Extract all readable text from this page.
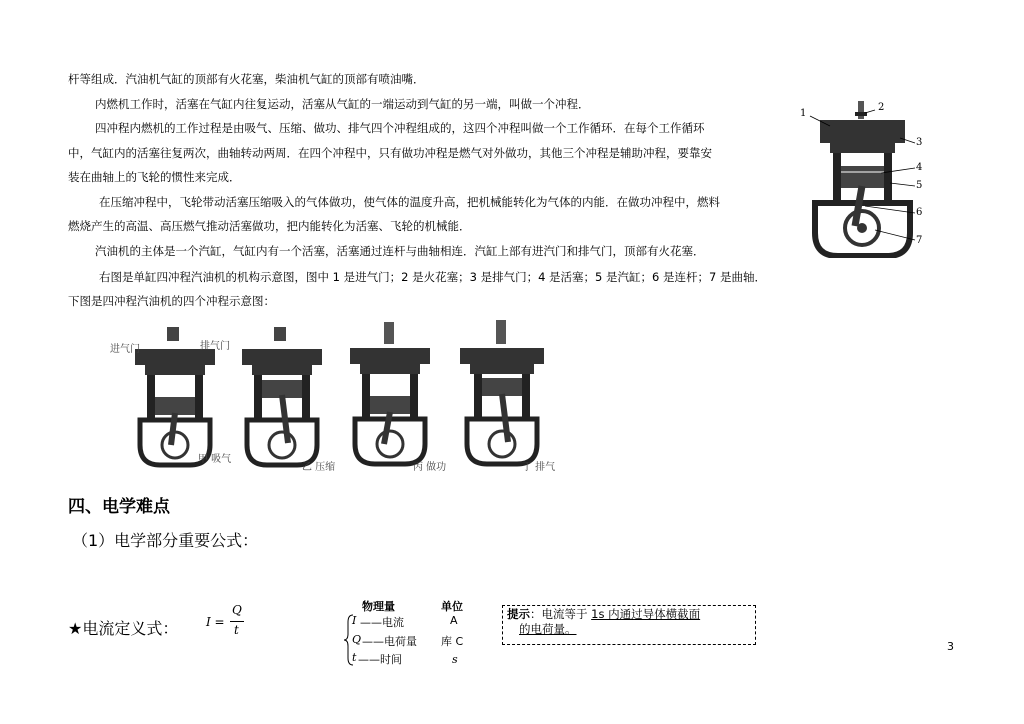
杆等组成．汽油机气缸的顶部有火花塞，柴油机气缸的顶部有喷油嘴．
内燃机工作时，活塞在气缸内往复运动，活塞从气缸的一端运动到气缸的另一端，叫做一个冲程．
四冲程内燃机的工作过程是由吸气、压缩、做功、排气四个冲程组成的，这四个冲程叫做一个工作循环．在每个工作循环
中，气缸内的活塞往复两次，曲轴转动两周．在四个冲程中，只有做功冲程是燃气对外做功，其他三个冲程是辅助冲程，要靠安
装在曲轴上的飞轮的惯性来完成．
在压缩冲程中，飞轮带动活塞压缩吸入的气体做功，使气体的温度升高，把机械能转化为气体的内能．在做功冲程中，燃料
燃烧产生的高温、高压燃气推动活塞做功，把内能转化为活塞、飞轮的机械能．
汽油机的主体是一个汽缸，气缸内有一个活塞，活塞通过连杆与曲轴相连．汽缸上部有进汽门和排气门，顶部有火花塞．
右图是单缸四冲程汽油机的机构示意图，图中 1 是进气门；2 是火花塞；3 是排气门；4 是活塞；5 是汽缸；6 是连杆；7 是曲轴．
下图是四冲程汽油机的四个冲程示意图：
1
2
3
4
5
6
7
进气门	排气门
甲 吸气
乙 压缩	丙 做功	丁 排气
四、电学难点
（1）电学部分重要公式：
★电流定义式： I =
Q
t
物理量	单位
I ——电流	A
Q ——电荷量 库 C
t ——时间	s
提示：电流等于 1s 内通过导体横截面
的电荷量。
3
